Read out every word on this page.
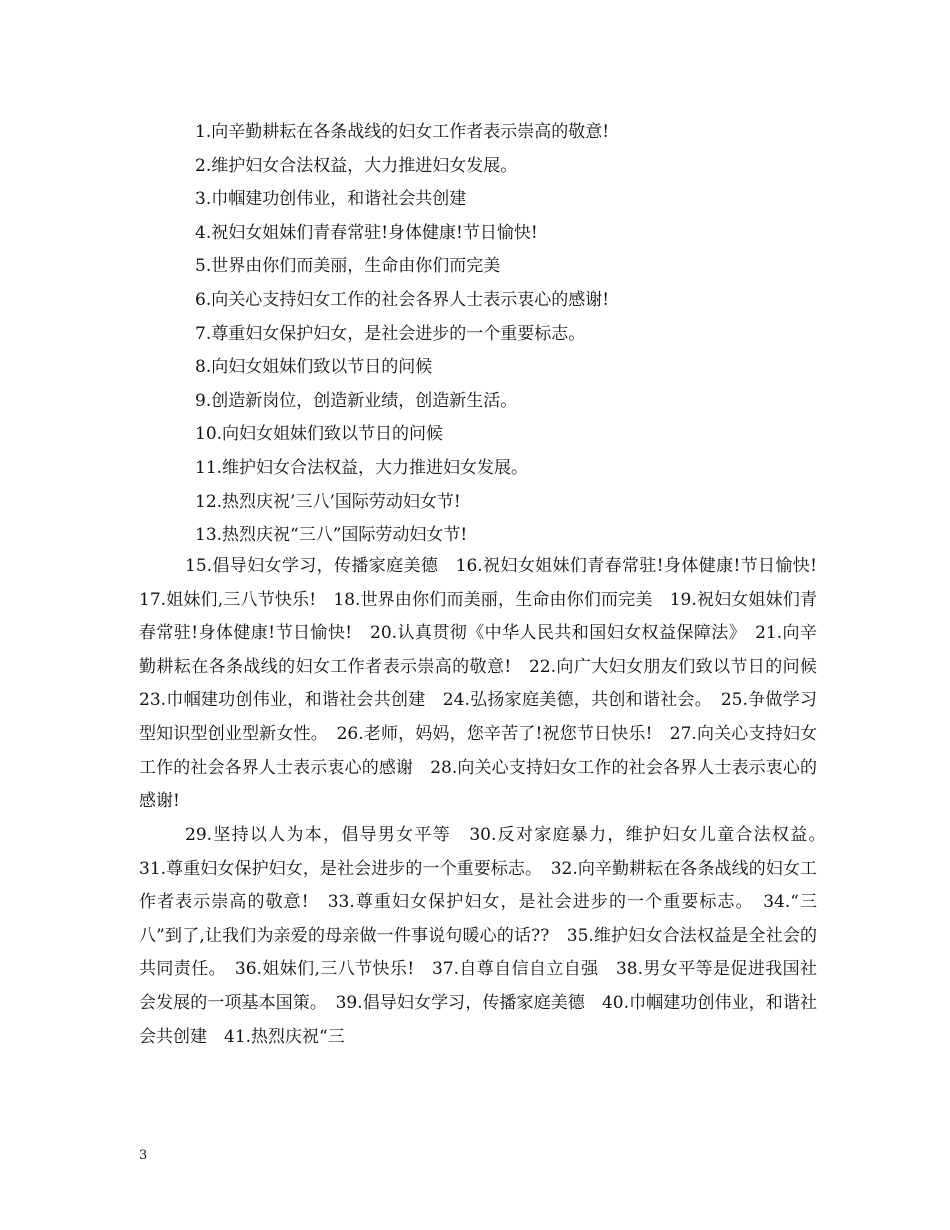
1.向辛勤耕耘在各条战线的妇女工作者表示崇高的敬意!
2.维护妇女合法权益，大力推进妇女发展。
3.巾帼建功创伟业，和谐社会共创建
4.祝妇女姐妹们青春常驻!身体健康!节日愉快!
5.世界由你们而美丽，生命由你们而完美
6.向关心支持妇女工作的社会各界人士表示衷心的感谢!
7.尊重妇女保护妇女，是社会进步的一个重要标志。
8.向妇女姐妹们致以节日的问候
9.创造新岗位，创造新业绩，创造新生活。
10.向妇女姐妹们致以节日的问候
11.维护妇女合法权益，大力推进妇女发展。
12.热烈庆祝’三八’国际劳动妇女节!
13.热烈庆祝“三八”国际劳动妇女节!

15.倡导妇女学习，传播家庭美德　16.祝妇女姐妹们青春常驻!身体健康!节日愉快!　17.姐妹们,三八节快乐!　18.世界由你们而美丽，生命由你们而完美　19.祝妇女姐妹们青春常驻!身体健康!节日愉快!　20.认真贯彻《中华人民共和国妇女权益保障法》　21.向辛勤耕耘在各条战线的妇女工作者表示崇高的敬意!　22.向广大妇女朋友们致以节日的问候　23.巾帼建功创伟业，和谐社会共创建　24.弘扬家庭美德，共创和谐社会。　25.争做学习型知识型创业型新女性。　26.老师，妈妈，您辛苦了!祝您节日快乐!　27.向关心支持妇女工作的社会各界人士表示衷心的感谢　28.向关心支持妇女工作的社会各界人士表示衷心的感谢!

29.坚持以人为本，倡导男女平等　30.反对家庭暴力，维护妇女儿童合法权益。　31.尊重妇女保护妇女，是社会进步的一个重要标志。　32.向辛勤耕耘在各条战线的妇女工作者表示崇高的敬意!　33.尊重妇女保护妇女，是社会进步的一个重要标志。　34.“三八”到了,让我们为亲爱的母亲做一件事说句暖心的话??　35.维护妇女合法权益是全社会的共同责任。　36.姐妹们,三八节快乐!　37.自尊自信自立自强　38.男女平等是促进我国社会发展的一项基本国策。　39.倡导妇女学习，传播家庭美德　40.巾帼建功创伟业，和谐社会共创建　41.热烈庆祝“三

3
